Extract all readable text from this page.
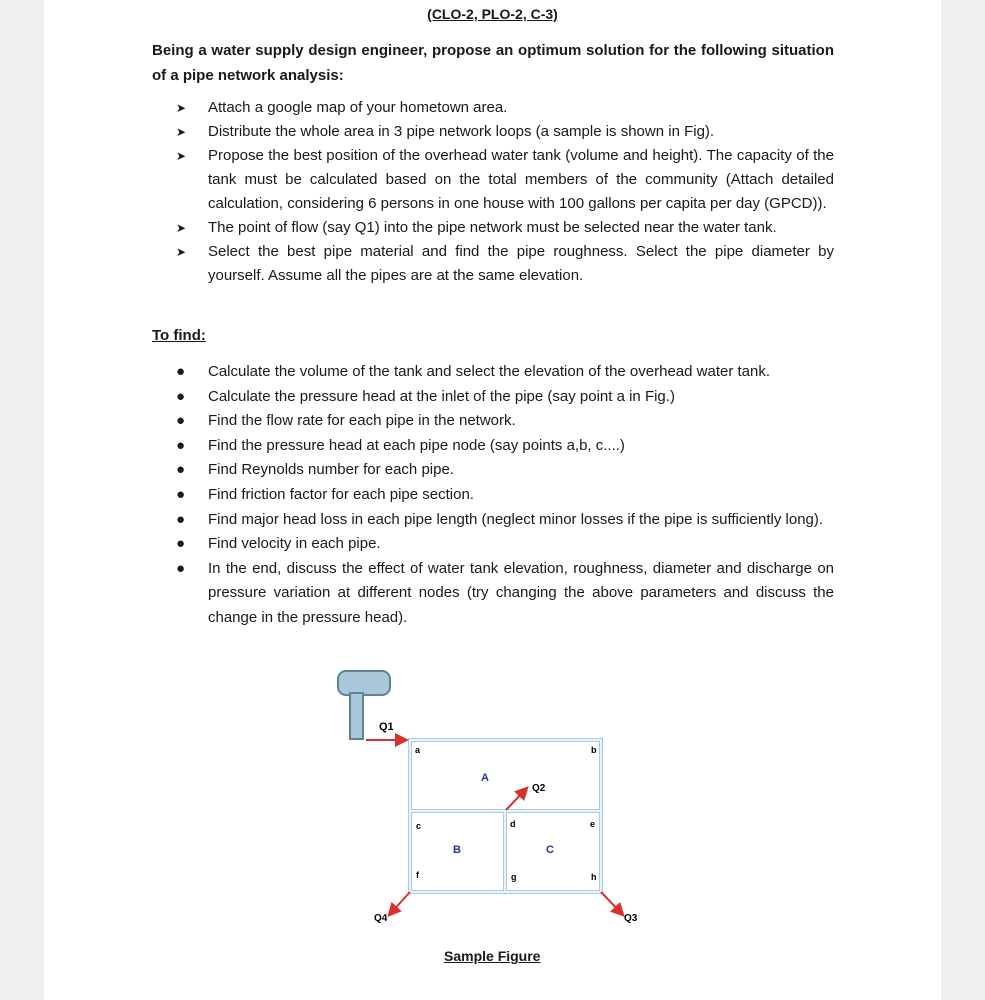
(CLO-2, PLO-2, C-3)
Being a water supply design engineer, propose an optimum solution for the following situation of a pipe network analysis:
➤ Attach a google map of your hometown area.
➤ Distribute the whole area in 3 pipe network loops (a sample is shown in Fig).
➤ Propose the best position of the overhead water tank (volume and height). The capacity of the tank must be calculated based on the total members of the community (Attach detailed calculation, considering 6 persons in one house with 100 gallons per capita per day (GPCD)).
➤ The point of flow (say Q1) into the pipe network must be selected near the water tank.
➤ Select the best pipe material and find the pipe roughness. Select the pipe diameter by yourself. Assume all the pipes are at the same elevation.
To find:
● Calculate the volume of the tank and select the elevation of the overhead water tank.
● Calculate the pressure head at the inlet of the pipe (say point a in Fig.)
● Find the flow rate for each pipe in the network.
● Find the pressure head at each pipe node (say points a,b, c....)
● Find Reynolds number for each pipe.
● Find friction factor for each pipe section.
● Find major head loss in each pipe length (neglect minor losses if the pipe is sufficiently long).
● Find velocity in each pipe.
● In the end, discuss the effect of water tank elevation, roughness, diameter and discharge on pressure variation at different nodes (try changing the above parameters and discuss the change in the pressure head).
Q1
Q2
Q3
Q4
A
B	C
a	b
c	d	e
f	g	h
Sample Figure
